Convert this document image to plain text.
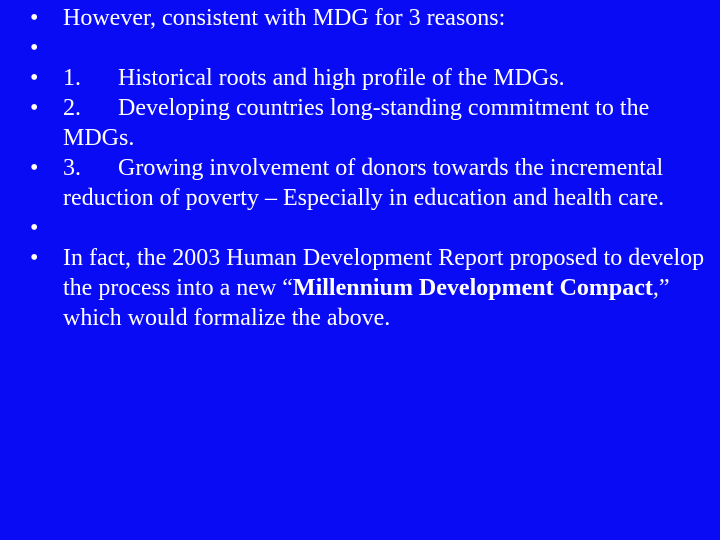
• However, consistent with MDG for 3 reasons:
•
• 1. Historical roots and high profile of the MDGs.
• 2. Developing countries long-standing commitment to the MDGs.
• 3. Growing involvement of donors towards the incremental reduction of poverty – Especially in education and health care.
•
• In fact, the 2003 Human Development Report proposed to develop the process into a new “Millennium Development Compact,” which would formalize the above.
